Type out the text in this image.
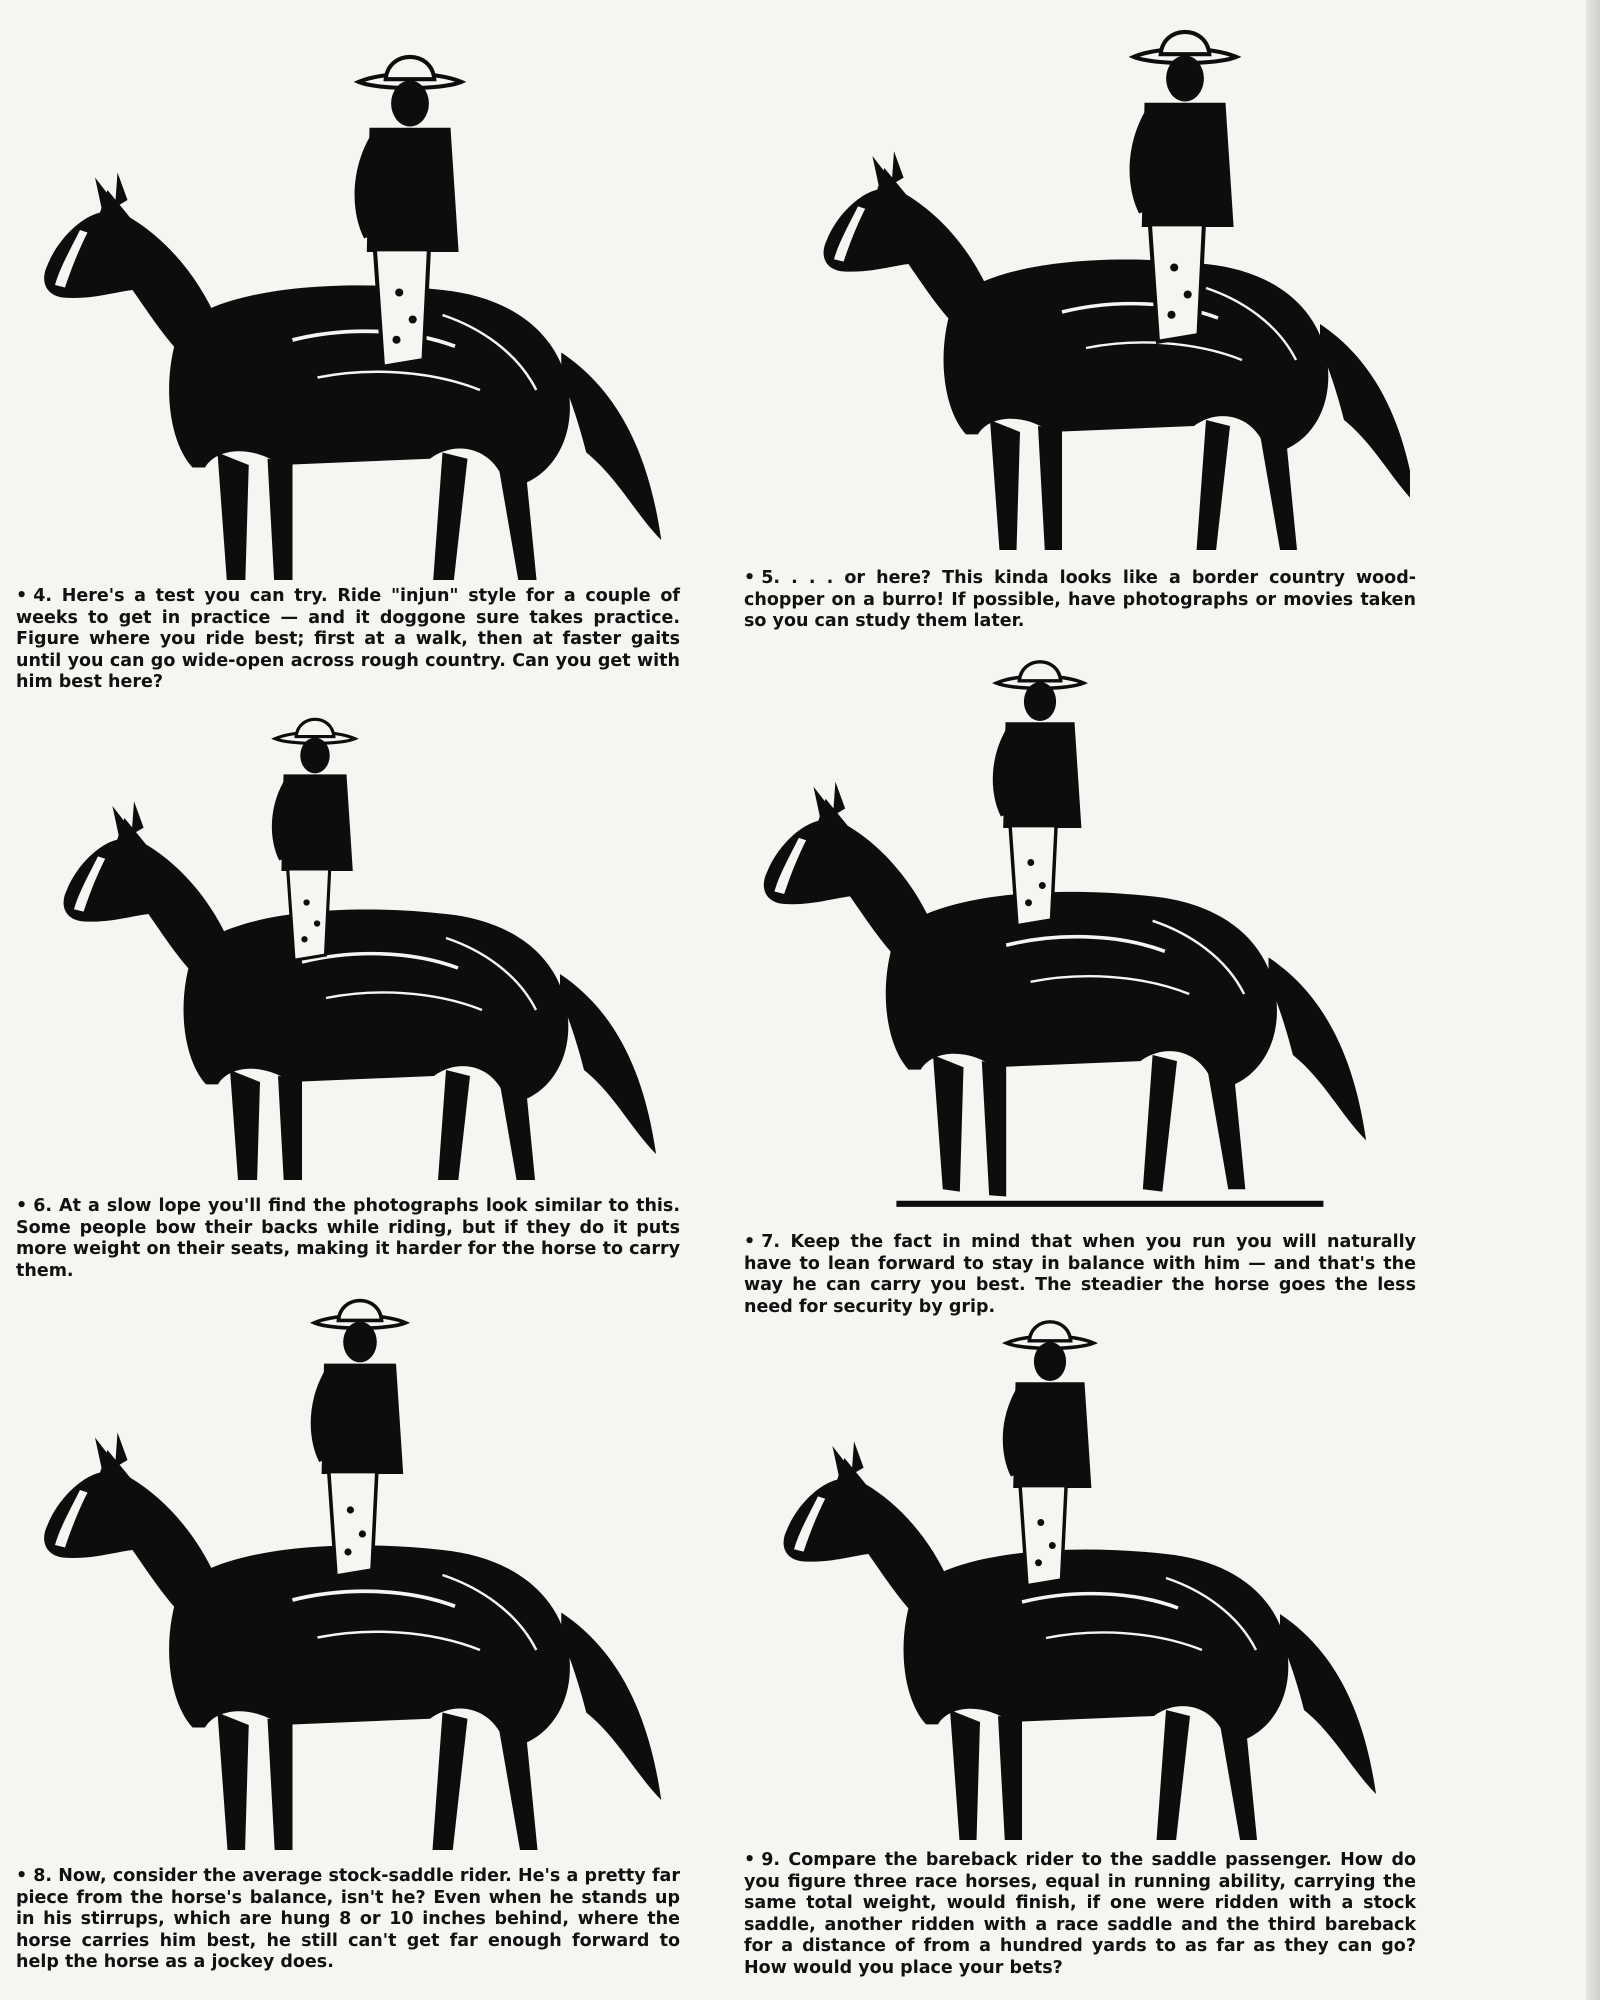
• 4. Here's a test you can try. Ride "injun" style for a couple of weeks to get in practice — and it doggone sure takes practice. Figure where you ride best; first at a walk, then at faster gaits until you can go wide-open across rough country. Can you get with him best here?

• 5. . . . or here? This kinda looks like a border country wood-chopper on a burro! If possible, have photographs or movies taken so you can study them later.

• 6. At a slow lope you'll find the photographs look similar to this. Some people bow their backs while riding, but if they do it puts more weight on their seats, making it harder for the horse to carry them.

• 7. Keep the fact in mind that when you run you will naturally have to lean forward to stay in balance with him — and that's the way he can carry you best. The steadier the horse goes the less need for security by grip.

• 8. Now, consider the average stock-saddle rider. He's a pretty far piece from the horse's balance, isn't he? Even when he stands up in his stirrups, which are hung 8 or 10 inches behind, where the horse carries him best, he still can't get far enough forward to help the horse as a jockey does.

• 9. Compare the bareback rider to the saddle passenger. How do you figure three race horses, equal in running ability, carrying the same total weight, would finish, if one were ridden with a stock saddle, another ridden with a race saddle and the third bareback for a distance of from a hundred yards to as far as they can go? How would you place your bets?
